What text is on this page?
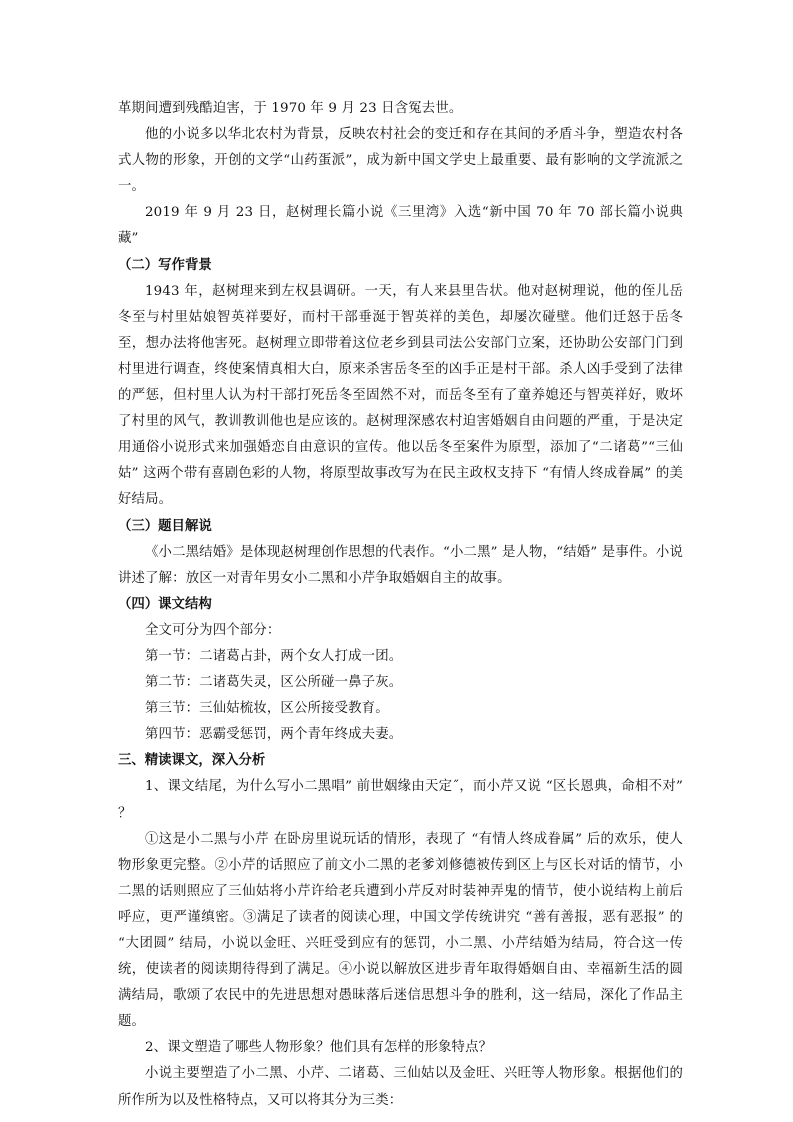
革期间遭到残酷迫害，于 1970 年 9 月 23 日含冤去世。

他的小说多以华北农村为背景，反映农村社会的变迁和存在其间的矛盾斗争，塑造农村各式人物的形象，开创的文学“山药蛋派”，成为新中国文学史上最重要、最有影响的文学流派之一。

2019 年 9 月 23 日，赵树理长篇小说《三里湾》入选“新中国 70 年 70 部长篇小说典藏”

（二）写作背景

1943 年，赵树理来到左权县调研。一天，有人来县里告状。他对赵树理说，他的侄儿岳冬至与村里姑娘智英祥要好，而村干部垂涎于智英祥的美色，却屡次碰壁。他们迁怒于岳冬至，想办法将他害死。赵树理立即带着这位老乡到县司法公安部门立案，还协助公安部门门到村里进行调查，终使案情真相大白，原来杀害岳冬至的凶手正是村干部。杀人凶手受到了法律的严惩，但村里人认为村干部打死岳冬至固然不对，而岳冬至有了童养媳还与智英祥好，败坏了村里的风气，教训教训他也是应该的。赵树理深感农村迫害婚姻自由问题的严重，于是决定用通俗小说形式来加强婚恋自由意识的宣传。他以岳冬至案件为原型，添加了“二诸葛”“三仙姑” 这两个带有喜剧色彩的人物，将原型故事改写为在民主政权支持下 “有情人终成眷属” 的美好结局。

（三）题目解说

《小二黑结婚》是体现赵树理创作思想的代表作。“小二黑” 是人物，“结婚” 是事件。小说讲述了解：放区一对青年男女小二黑和小芹争取婚姻自主的故事。

（四）课文结构

全文可分为四个部分：

第一节：二诸葛占卦，两个女人打成一团。

第二节：二诸葛失灵，区公所碰一鼻子灰。

第三节：三仙姑梳妆，区公所接受教育。

第四节：恶霸受惩罚，两个青年终成夫妻。

三、精读课文，深入分析

1、课文结尾，为什么写小二黑唱” 前世姻缘由天定˝，而小芹又说 “区长恩典，命相不对” ？

①这是小二黑与小芹 在卧房里说玩话的情形，表现了 “有情人终成眷属” 后的欢乐，使人物形象更完整。②小芹的话照应了前文小二黑的老爹刘修德被传到区上与区长对话的情节，小二黑的话则照应了三仙姑将小芹许给老兵遭到小芹反对时装神弄鬼的情节，使小说结构上前后呼应，更严谨缜密。③满足了读者的阅读心理，中国文学传统讲究 “善有善报，恶有恶报” 的 “大团圆” 结局，小说以金旺、兴旺受到应有的惩罚，小二黑、小芹结婚为结局，符合这一传统，使读者的阅读期待得到了满足。④小说以解放区进步青年取得婚姻自由、幸福新生活的圆满结局，歌颂了农民中的先进思想对愚昧落后迷信思想斗争的胜利，这一结局，深化了作品主题。

2、课文塑造了哪些人物形象？他们具有怎样的形象特点？

小说主要塑造了小二黑、小芹、二诸葛、三仙姑以及金旺、兴旺等人物形象。根据他们的所作所为以及性格特点，又可以将其分为三类：
